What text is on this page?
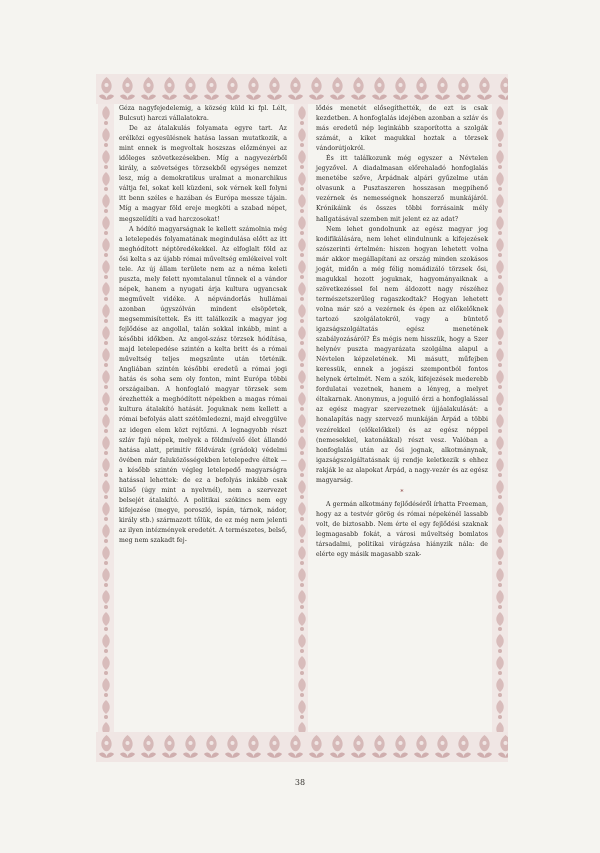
Géza nagyfejedelemig, a község küld ki fpl. Lélt, Bulcsut) harczi vállalatokra.

De az átalakulás folyamata egyre tart. Az erélközi egyesülésnek hatása lassan mutatkozik, a mint ennek is megvoltak hoszszas előzményei az időleges szövetkezésekben. Míg a nagyvezérből király, a szövetséges törzsekből egységes nemzet lesz, míg a demokratikus uralmat a monarchikus váltja fel, sokat kell küzdeni, sok vérnek kell folyni itt benn széles e hazában és Európa messze tájain. Míg a magyar föld ereje megköti a szabad népet, megszelídíti a vad harczosokat!

A hódító magyarságnak le kellett számolnia még a letelepedés folyamatának megindulása előtt az itt meghódított néptöredékekkel. Az elfoglalt föld az ősi kelta s az újabb római műveltség emlékeivel volt tele. Az új állam területe nem az a néma keleti puszta, mely felett nyomtalanul tűnnek el a vándor népek, hanem a nyugati árja kultura ugyancsak megművelt vidéke. A népvándorlás hullámai azonban úgyszólván mindent elsöpörtek, megsemmisítettek. És itt találkozik a magyar jog fejlődése az angollal, talán sokkal inkább, mint a későbbi időkben. Az angol-szász törzsek hódítása, majd letelepedése szintén a kelta britt és a római műveltség teljes megszűnte után történik. Angliában szintén későbbi eredetű a római jogi hatás és soha sem oly fonton, mint Európa többi országaiban. A honfoglaló magyar törzsek sem érezhették a meghódított népekben a magas római kultura átalakító hatását. Joguknak nem kellett a római befolyás alatt szétömledezni, majd elveggülve az idegen elem közt rejtőzni. A legnagyobb részt szláv fajú népek, melyek a földmívelő élet állandó hatása alatt, primitív földvárak (grádok) védelmi övében már faluközösségekben letelepedve éltek — a később szintén végleg letelepedő magyarságra hatással lehettek: de ez a befolyás inkább csak külső (úgy mint a nyelvnél), nem a szervezet belsejét átalakító. A politikai szókincs nem egy kifejezése (megye, poroszló, ispán, tárnok, nádor, király stb.) származott tőlük, de ez még nem jelenti az ilyen intézmények eredetét. A természetes, belső, meg nem szakadt fej-

lődés menetét elősegíthették, de ezt is csak kezdetben. A honfoglalás idejében azonban a szláv és más eredetű nép leginkább szaporította a szolgák számát, a kiket magukkal hoztak a törzsek vándorútjokról.

És itt találkozunk még egyszer a Névtelen jegyzővel. A diadalmasan előrehaladó honfoglalás menetébe szőve, Árpádnak alpári gyűzelme után olvasunk a Pusztaszeren hosszasan megpihenő vezérnek és nemességnek honszerző munkájáról. Krónikáink és összes többi forrásaink mély hallgatásával szemben mit jelent ez az adat?

Nem lehet gondolnunk az egész magyar jog kodifikálására, nem lehet elindulnunk a kifejezések szószerinti értelmén: hiszen hogyan lehetett volna már akkor megállapítani az ország minden szokásos jogát, midőn a még félig nomádizáló törzsek ősi, magukkal hozott joguknak, hagyományaiknak a szövetkezéssel fel nem áldozott nagy részéhez természetszerűleg ragaszkodtak? Hogyan lehetett volna már szó a vezérnek és épen az előkelőknek tartozó szolgálatokról, vagy a büntető igazságszolgáltatás egész menetének szabályozásáról? És mégis nem hisszük, hogy a Szer helynév puszta magyarázata szolgálna alapul a Névtelen képzeletének. Mi másutt, műfejben keressük, ennek a jogászi szempontból fontos helynek értelmét. Nem a szók, kifejezések mederebb fordulatai vezetnek, hanem a lényeg, a melyet éltakarnak. Anonymus, a joguiló érzi a honfoglalással az egész magyar szervezetnek újjáalakulását: a honalapítás nagy szervező munkáján Árpád a többi vezérekkel (előkelőkkel) és az egész néppel (nemesekkel, katonákkal) részt vesz. Valóban a honfoglalás után az ősi jognak, alkotmánynak, igazságszolgáltatásnak új rendje keletkezik s ehhez rakják le az alapokat Árpád, a nagy-vezér és az egész magyarság.

*

A germán alkotmány fejlődéséről írhatta Freeman, hogy az a testvér görög és római népekénél lassabb volt, de biztosabb. Nem érte el egy fejlődési szaknak legmagasabb fokát, a városi műveltség bomlatos társadalmi, politikai virágzása hiányzik nála: de elérte egy másik magasabb szak-

38
